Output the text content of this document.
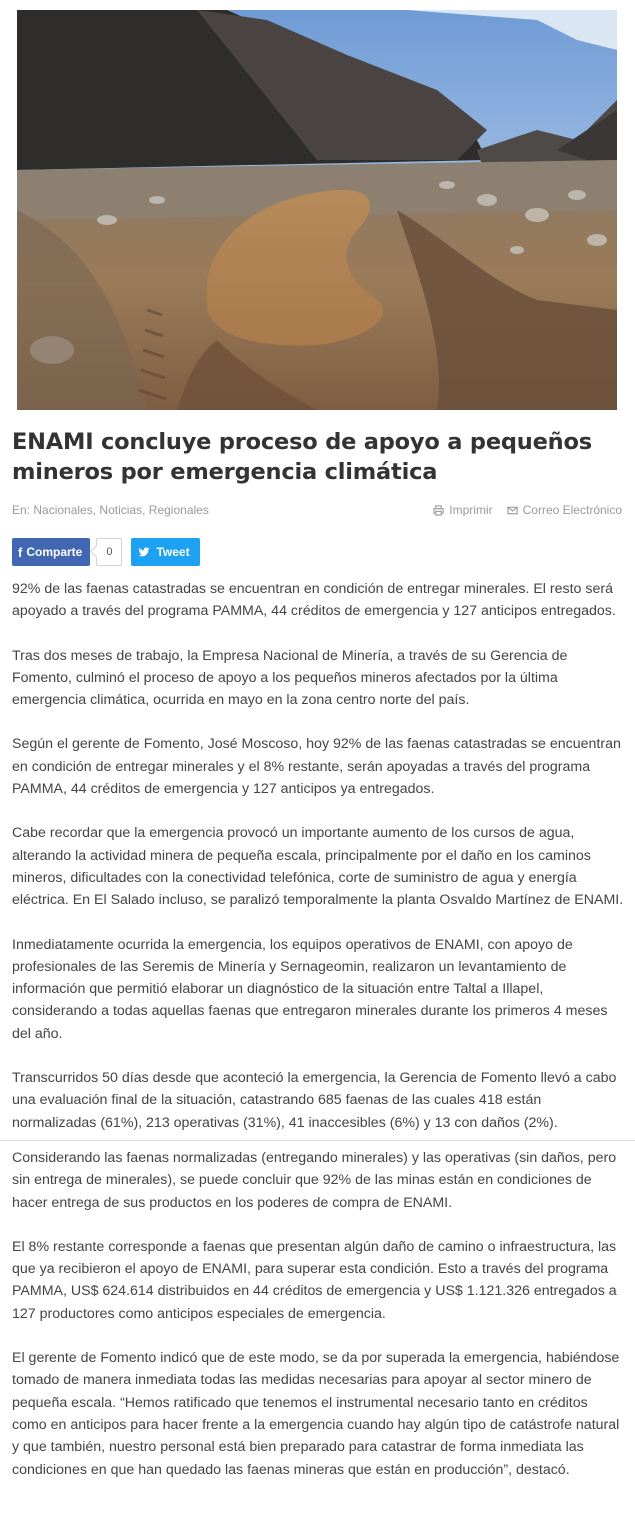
ENAMI concluye proceso de apoyo a pequeños mineros por emergencia climática
En: Nacionales, Noticias, Regionales	Imprimir	Correo Electrónico
f Comparte	0	Tweet

92% de las faenas catastradas se encuentran en condición de entregar minerales. El resto será apoyado a través del programa PAMMA, 44 créditos de emergencia y 127 anticipos entregados.

Tras dos meses de trabajo, la Empresa Nacional de Minería, a través de su Gerencia de Fomento, culminó el proceso de apoyo a los pequeños mineros afectados por la última emergencia climática, ocurrida en mayo en la zona centro norte del país.

Según el gerente de Fomento, José Moscoso, hoy 92% de las faenas catastradas se encuentran en condición de entregar minerales y el 8% restante, serán apoyadas a través del programa PAMMA, 44 créditos de emergencia y 127 anticipos ya entregados.

Cabe recordar que la emergencia provocó un importante aumento de los cursos de agua, alterando la actividad minera de pequeña escala, principalmente por el daño en los caminos mineros, dificultades con la conectividad telefónica, corte de suministro de agua y energía eléctrica. En El Salado incluso, se paralizó temporalmente la planta Osvaldo Martínez de ENAMI.

Inmediatamente ocurrida la emergencia, los equipos operativos de ENAMI, con apoyo de profesionales de las Seremis de Minería y Sernageomin, realizaron un levantamiento de información que permitió elaborar un diagnóstico de la situación entre Taltal a Illapel, considerando a todas aquellas faenas que entregaron minerales durante los primeros 4 meses del año.

Transcurridos 50 días desde que aconteció la emergencia, la Gerencia de Fomento llevó a cabo una evaluación final de la situación, catastrando 685 faenas de las cuales 418 están normalizadas (61%), 213 operativas (31%), 41 inaccesibles (6%) y 13 con daños (2%).

Considerando las faenas normalizadas (entregando minerales) y las operativas (sin daños, pero sin entrega de minerales), se puede concluir que 92% de las minas están en condiciones de hacer entrega de sus productos en los poderes de compra de ENAMI.

El 8% restante corresponde a faenas que presentan algún daño de camino o infraestructura, las que ya recibieron el apoyo de ENAMI, para superar esta condición. Esto a través del programa PAMMA, US$ 624.614 distribuidos en 44 créditos de emergencia y US$ 1.121.326 entregados a 127 productores como anticipos especiales de emergencia.

El gerente de Fomento indicó que de este modo, se da por superada la emergencia, habiéndose tomado de manera inmediata todas las medidas necesarias para apoyar al sector minero de pequeña escala. “Hemos ratificado que tenemos el instrumental necesario tanto en créditos como en anticipos para hacer frente a la emergencia cuando hay algún tipo de catástrofe natural y que también, nuestro personal está bien preparado para catastrar de forma inmediata las condiciones en que han quedado las faenas mineras que están en producción”, destacó.
